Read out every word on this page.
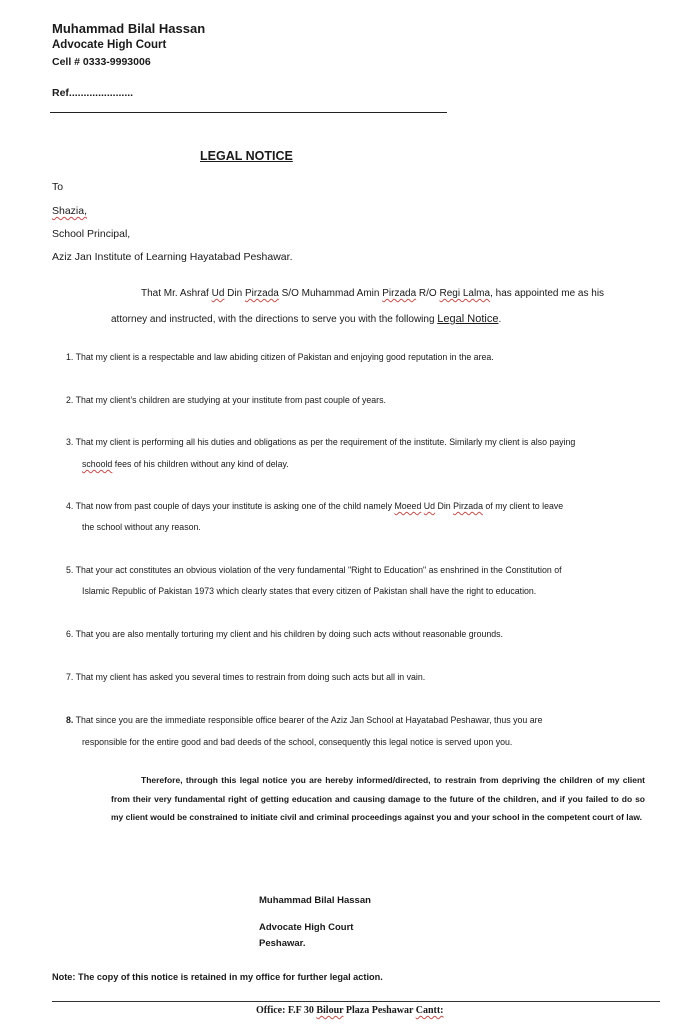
Muhammad Bilal Hassan
Advocate High Court
Cell # 0333-9993006
Ref......................
LEGAL NOTICE
To
Shazia,
School Principal,
Aziz Jan Institute of Learning Hayatabad Peshawar.
That Mr. Ashraf Ud Din Pirzada S/O Muhammad Amin Pirzada R/O Regi Lalma, has appointed me as his
attorney and instructed, with the directions to serve you with the following Legal Notice.
1. That my client is a respectable and law abiding citizen of Pakistan and enjoying good reputation in the area.
2. That my client’s children are studying at your institute from past couple of years.
3. That my client is performing all his duties and obligations as per the requirement of the institute. Similarly my client is also paying
schoold fees of his children without any kind of delay.
4. That now from past couple of days your institute is asking one of the child namely Moeed Ud Din Pirzada of my client to leave
the school without any reason.
5. That your act constitutes an obvious violation of the very fundamental "Right to Education" as enshrined in the Constitution of
Islamic Republic of Pakistan 1973 which clearly states that every citizen of Pakistan shall have the right to education.
6. That you are also mentally torturing my client and his children by doing such acts without reasonable grounds.
7. That my client has asked you several times to restrain from doing such acts but all in vain.
8. That since you are the immediate responsible office bearer of the Aziz Jan School at Hayatabad Peshawar, thus you are
responsible for the entire good and bad deeds of the school, consequently this legal notice is served upon you.

Therefore, through this legal notice you are hereby informed/directed, to restrain from depriving the children of my client from their very fundamental right of getting education and causing damage to the future of the children, and if you failed to do so my client would be constrained to initiate civil and criminal proceedings against you and your school in the competent court of law.

Muhammad Bilal Hassan
Advocate High Court
Peshawar.
Note: The copy of this notice is retained in my office for further legal action.
Office: F.F 30 Bilour Plaza Peshawar Cantt:
